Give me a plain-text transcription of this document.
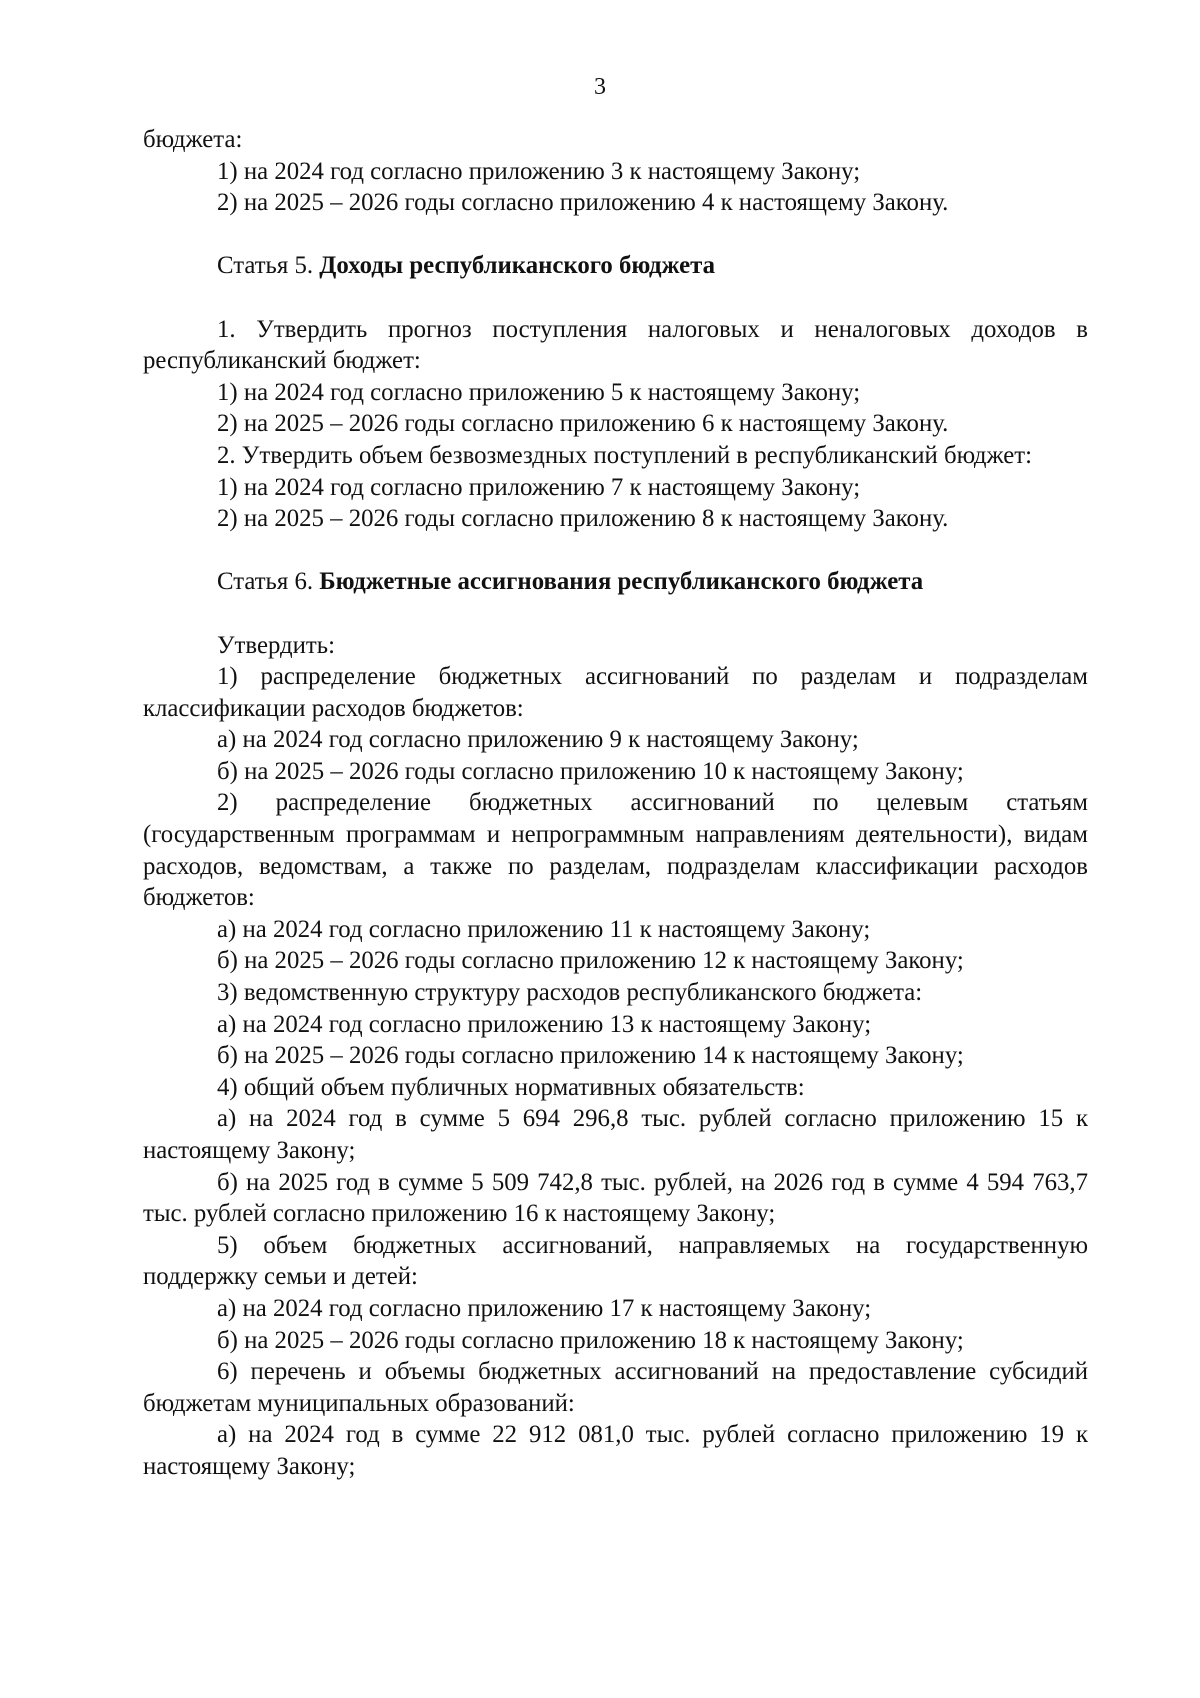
3

бюджета:

1) на 2024 год согласно приложению 3 к настоящему Закону;

2) на 2025 – 2026 годы согласно приложению 4 к настоящему Закону.

Статья 5. Доходы республиканского бюджета

1. Утвердить прогноз поступления налоговых и неналоговых доходов в республиканский бюджет:

1) на 2024 год согласно приложению 5 к настоящему Закону;

2) на 2025 – 2026 годы согласно приложению 6 к настоящему Закону.

2. Утвердить объем безвозмездных поступлений в республиканский бюджет:

1) на 2024 год согласно приложению 7 к настоящему Закону;

2) на 2025 – 2026 годы согласно приложению 8 к настоящему Закону.

Статья 6. Бюджетные ассигнования республиканского бюджета

Утвердить:

1) распределение бюджетных ассигнований по разделам и подразделам классификации расходов бюджетов:

а) на 2024 год согласно приложению 9 к настоящему Закону;

б) на 2025 – 2026 годы согласно приложению 10 к настоящему Закону;

2) распределение бюджетных ассигнований по целевым статьям (государственным программам и непрограммным направлениям деятельности), видам расходов, ведомствам, а также по разделам, подразделам классификации расходов бюджетов:

а) на 2024 год согласно приложению 11 к настоящему Закону;

б) на 2025 – 2026 годы согласно приложению 12 к настоящему Закону;

3) ведомственную структуру расходов республиканского бюджета:

а) на 2024 год согласно приложению 13 к настоящему Закону;

б) на 2025 – 2026 годы согласно приложению 14 к настоящему Закону;

4) общий объем публичных нормативных обязательств:

а) на 2024 год в сумме 5 694 296,8 тыс. рублей согласно приложению 15 к настоящему Закону;

б) на 2025 год в сумме 5 509 742,8 тыс. рублей, на 2026 год в сумме 4 594 763,7 тыс. рублей согласно приложению 16 к настоящему Закону;

5) объем бюджетных ассигнований, направляемых на государственную поддержку семьи и детей:

а) на 2024 год согласно приложению 17 к настоящему Закону;

б) на 2025 – 2026 годы согласно приложению 18 к настоящему Закону;

6) перечень и объемы бюджетных ассигнований на предоставление субсидий бюджетам муниципальных образований:

а) на 2024 год в сумме 22 912 081,0 тыс. рублей согласно приложению 19 к настоящему Закону;
